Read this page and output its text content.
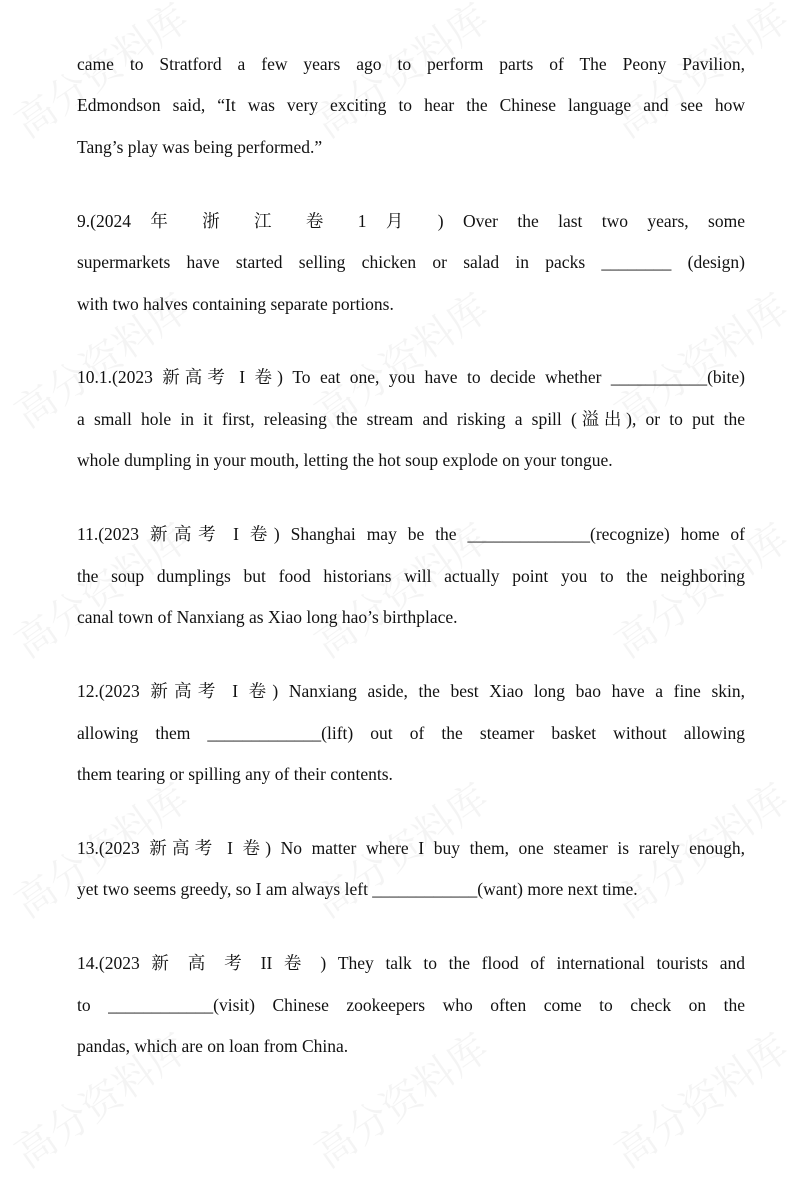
came to Stratford a few years ago to perform parts of The Peony Pavilion,
Edmondson said, “It was very exciting to hear the Chinese language and see how
Tang’s play was being performed.”
9.(2024 年 浙 江 卷 1 月 ) Over the last two years, some
supermarkets have started selling chicken or salad in packs ________ (design)
with two halves containing separate portions.
10.1.(2023 新高考 I 卷) To eat one, you have to decide whether ___________(bite)
a small hole in it first, releasing the stream and risking a spill (溢出), or to put the
whole dumpling in your mouth, letting the hot soup explode on your tongue.
11.(2023 新高考 I 卷) Shanghai may be the ______________(recognize) home of
the soup dumplings but food historians will actually point you to the neighboring
canal town of Nanxiang as Xiao long hao’s birthplace.
12.(2023 新高考 I 卷) Nanxiang aside, the best Xiao long bao have a fine skin,
allowing them _____________(lift) out of the steamer basket without allowing
them tearing or spilling any of their contents.
13.(2023 新高考 I 卷) No matter where I buy them, one steamer is rarely enough,
yet two seems greedy, so I am always left ____________(want) more next time.
14.(2023 新 高 考 II 卷 ) They talk to the flood of international tourists and
to ____________(visit) Chinese zookeepers who often come to check on the
pandas, which are on loan from China.
